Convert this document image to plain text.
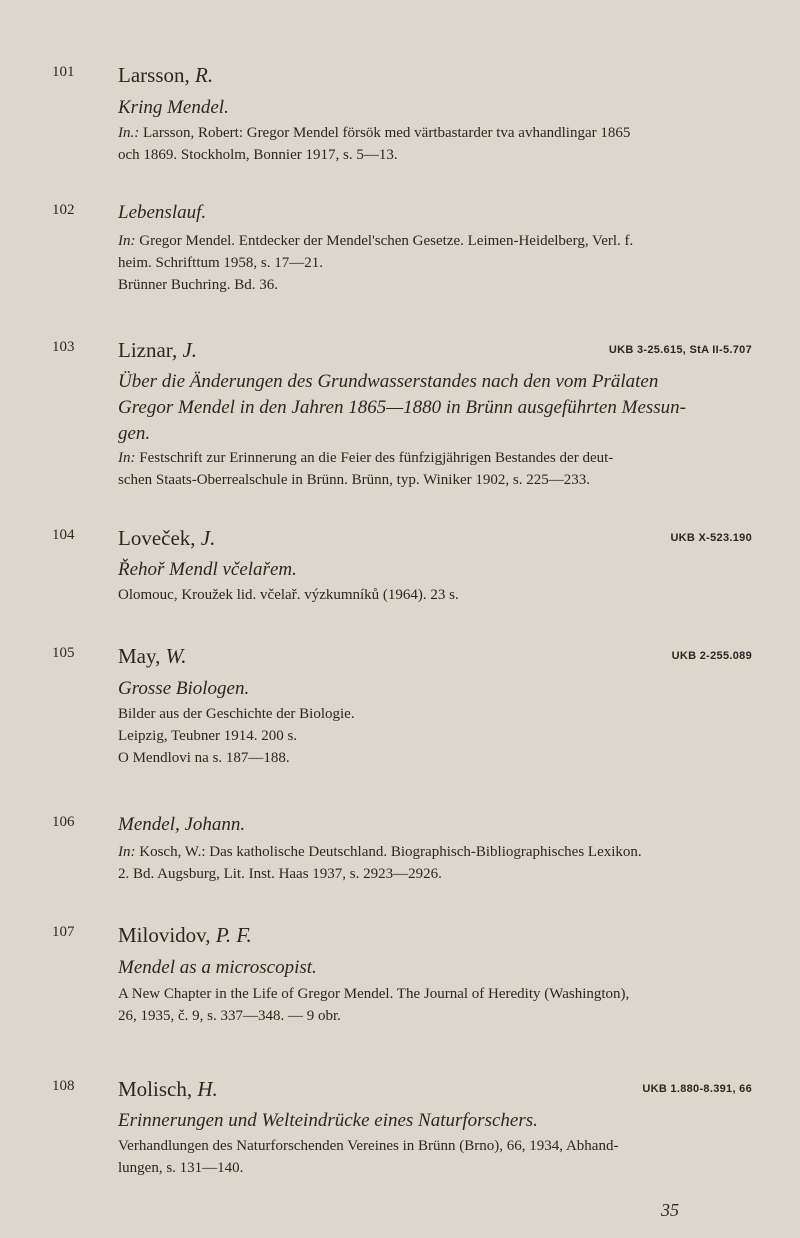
101 Larsson, R.
Kring Mendel.
In.: Larsson, Robert: Gregor Mendel försök med värtbastarder tva avhandlingar 1865
och 1869. Stockholm, Bonnier 1917, s. 5—13.
102 Lebenslauf.
In: Gregor Mendel. Entdecker der Mendel'schen Gesetze. Leimen-Heidelberg, Verl. f.
heim. Schrifttum 1958, s. 17—21.
Brünner Buchring. Bd. 36.
103 Liznar, J.	UKB 3-25.615, StA II-5.707
Über die Änderungen des Grundwasserstandes nach den vom Prälaten
Gregor Mendel in den Jahren 1865—1880 in Brünn ausgeführten Messun-
gen.
In: Festschrift zur Erinnerung an die Feier des fünfzigjährigen Bestandes der deut-
schen Staats-Oberrealschule in Brünn. Brünn, typ. Winiker 1902, s. 225—233.
104 Loveček, J.	UKB X-523.190
Řehoř Mendl včelařem.
Olomouc, Kroužek lid. včelař. výzkumníků (1964). 23 s.
105 May, W.	UKB 2-255.089
Grosse Biologen.
Bilder aus der Geschichte der Biologie.
Leipzig, Teubner 1914. 200 s.
O Mendlovi na s. 187—188.
106 Mendel, Johann.
In: Kosch, W.: Das katholische Deutschland. Biographisch-Bibliographisches Lexikon.
2. Bd. Augsburg, Lit. Inst. Haas 1937, s. 2923—2926.
107 Milovidov, P. F.
Mendel as a microscopist.
A New Chapter in the Life of Gregor Mendel. The Journal of Heredity (Washington),
26, 1935, č. 9, s. 337—348. — 9 obr.
108 Molisch, H.	UKB 1.880-8.391, 66
Erinnerungen und Welteindrücke eines Naturforschers.
Verhandlungen des Naturforschenden Vereines in Brünn (Brno), 66, 1934, Abhand-
lungen, s. 131—140.
35
